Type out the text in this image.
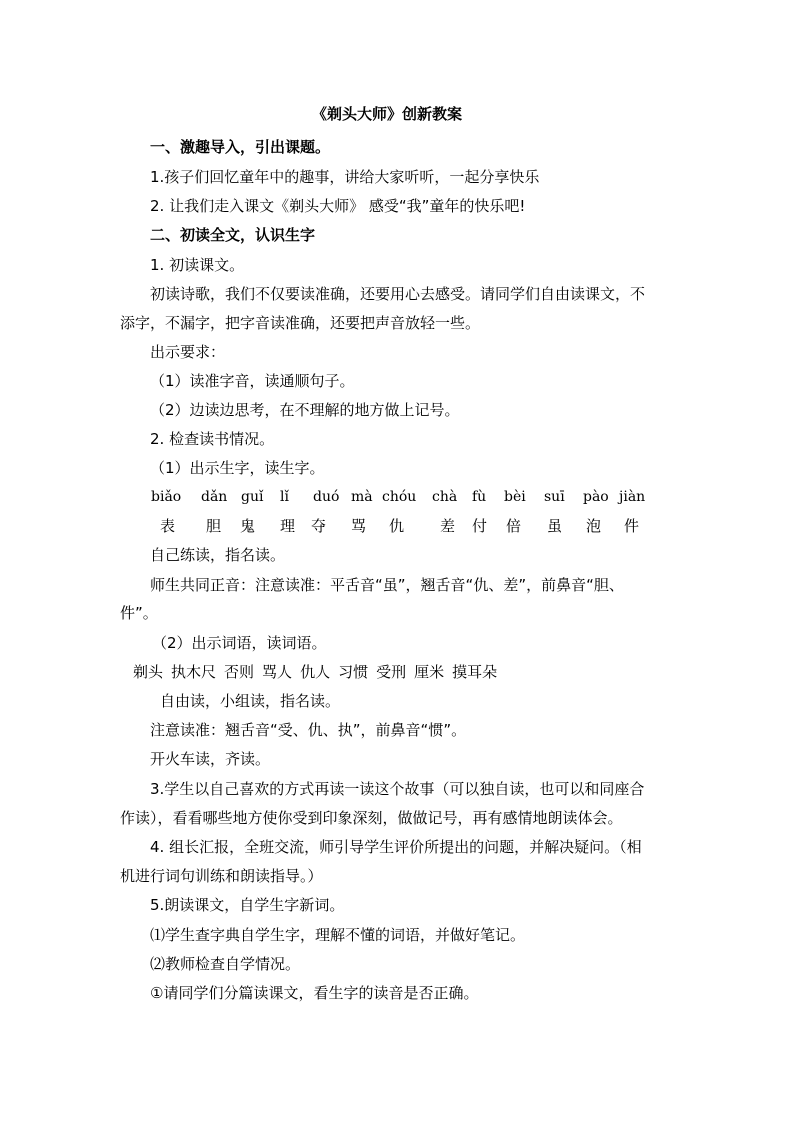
《剃头大师》创新教案
一、激趣导入，引出课题。
1.孩子们回忆童年中的趣事，讲给大家听听，一起分享快乐
2. 让我们走入课文《剃头大师》 感受“我”童年的快乐吧!
二、初读全文，认识生字
1. 初读课文。
初读诗歌，我们不仅要读准确，还要用心去感受。请同学们自由读课文，不
添字，不漏字，把字音读准确，还要把声音放轻一些。
出示要求：
（1）读准字音，读通顺句子。
（2）边读边思考，在不理解的地方做上记号。
2. 检查读书情况。
（1）出示生字，读生字。
biǎo dǎn guǐ lǐ duó mà chóu chà fù bèi suī pào jiàn
表 胆 鬼 理 夺 骂 仇 差 付 倍 虽 泡 件
自己练读，指名读。
师生共同正音：注意读准：平舌音“虽”，翘舌音“仇、差”，前鼻音“胆、
件”。
（2）出示词语，读词语。
剃头 执木尺 否则 骂人 仇人 习惯 受刑 厘米 摸耳朵
自由读，小组读，指名读。
注意读准：翘舌音“受、仇、执”，前鼻音“惯”。
开火车读，齐读。
3.学生以自己喜欢的方式再读一读这个故事（可以独自读，也可以和同座合
作读），看看哪些地方使你受到印象深刻，做做记号，再有感情地朗读体会。
4. 组长汇报，全班交流，师引导学生评价所提出的问题，并解决疑问。（相
机进行词句训练和朗读指导。）
5.朗读课文，自学生字新词。
⑴学生查字典自学生字，理解不懂的词语，并做好笔记。
⑵教师检查自学情况。
①请同学们分篇读课文，看生字的读音是否正确。
